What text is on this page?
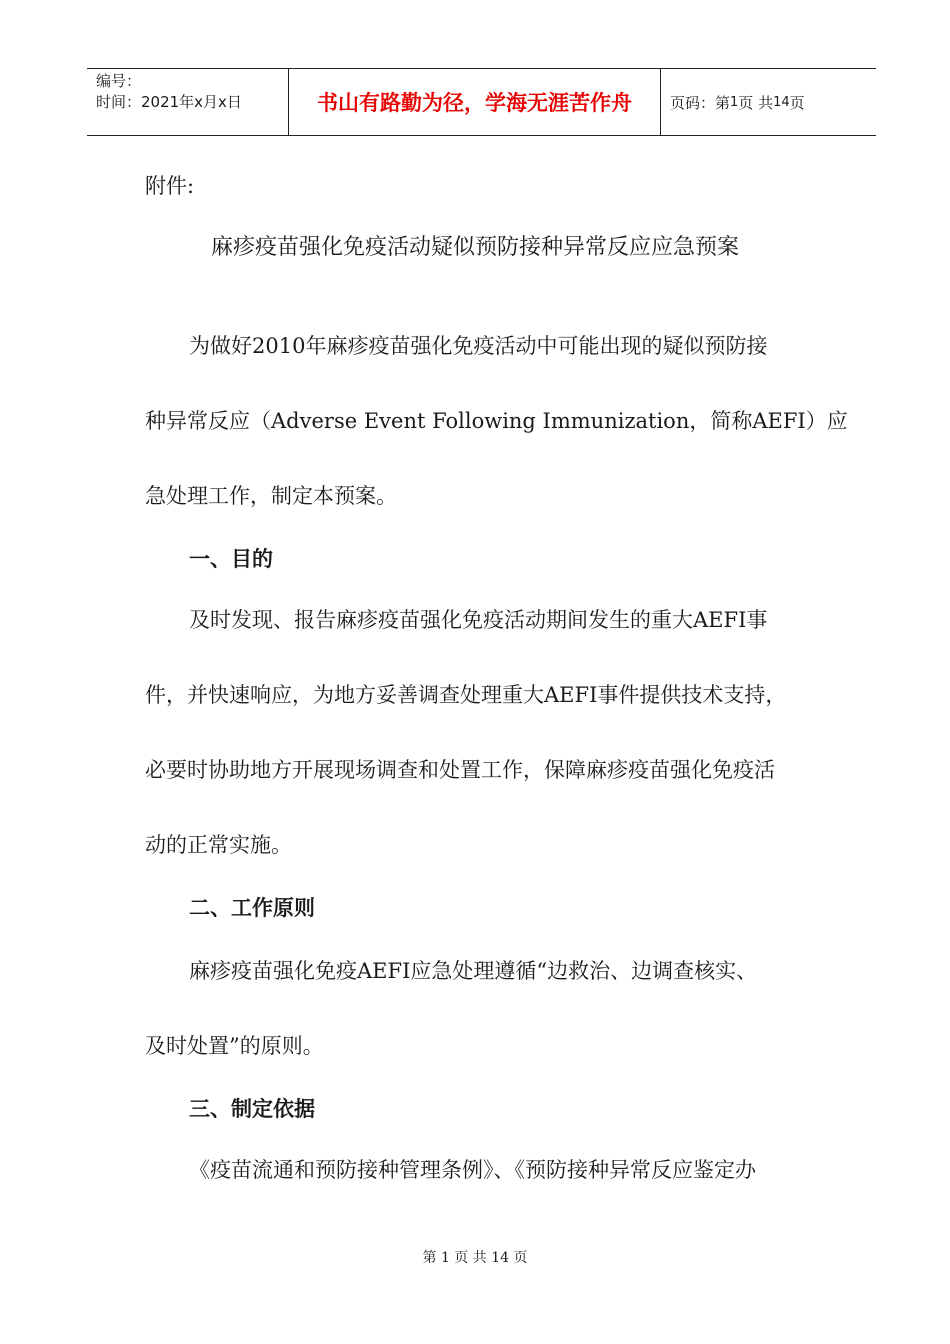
编号：
时间：2021年x月x日	书山有路勤为径，学海无涯苦作舟	页码：第 1 页 共 14 页
附件:
麻疹疫苗强化免疫活动疑似预防接种异常反应应急预案
为做好2010年麻疹疫苗强化免疫活动中可能出现的疑似预防接
种异常反应（Adverse Event Following Immunization，简称AEFI）应
急处理工作，制定本预案。
一、目的
及时发现、报告麻疹疫苗强化免疫活动期间发生的重大AEFI事
件，并快速响应，为地方妥善调查处理重大AEFI事件提供技术支持，
必要时协助地方开展现场调查和处置工作，保障麻疹疫苗强化免疫活
动的正常实施。
二、工作原则
麻疹疫苗强化免疫AEFI应急处理遵循“边救治、边调查核实、
及时处置”的原则。
三、制定依据
《疫苗流通和预防接种管理条例》、《预防接种异常反应鉴定办
第 1 页 共 14 页
